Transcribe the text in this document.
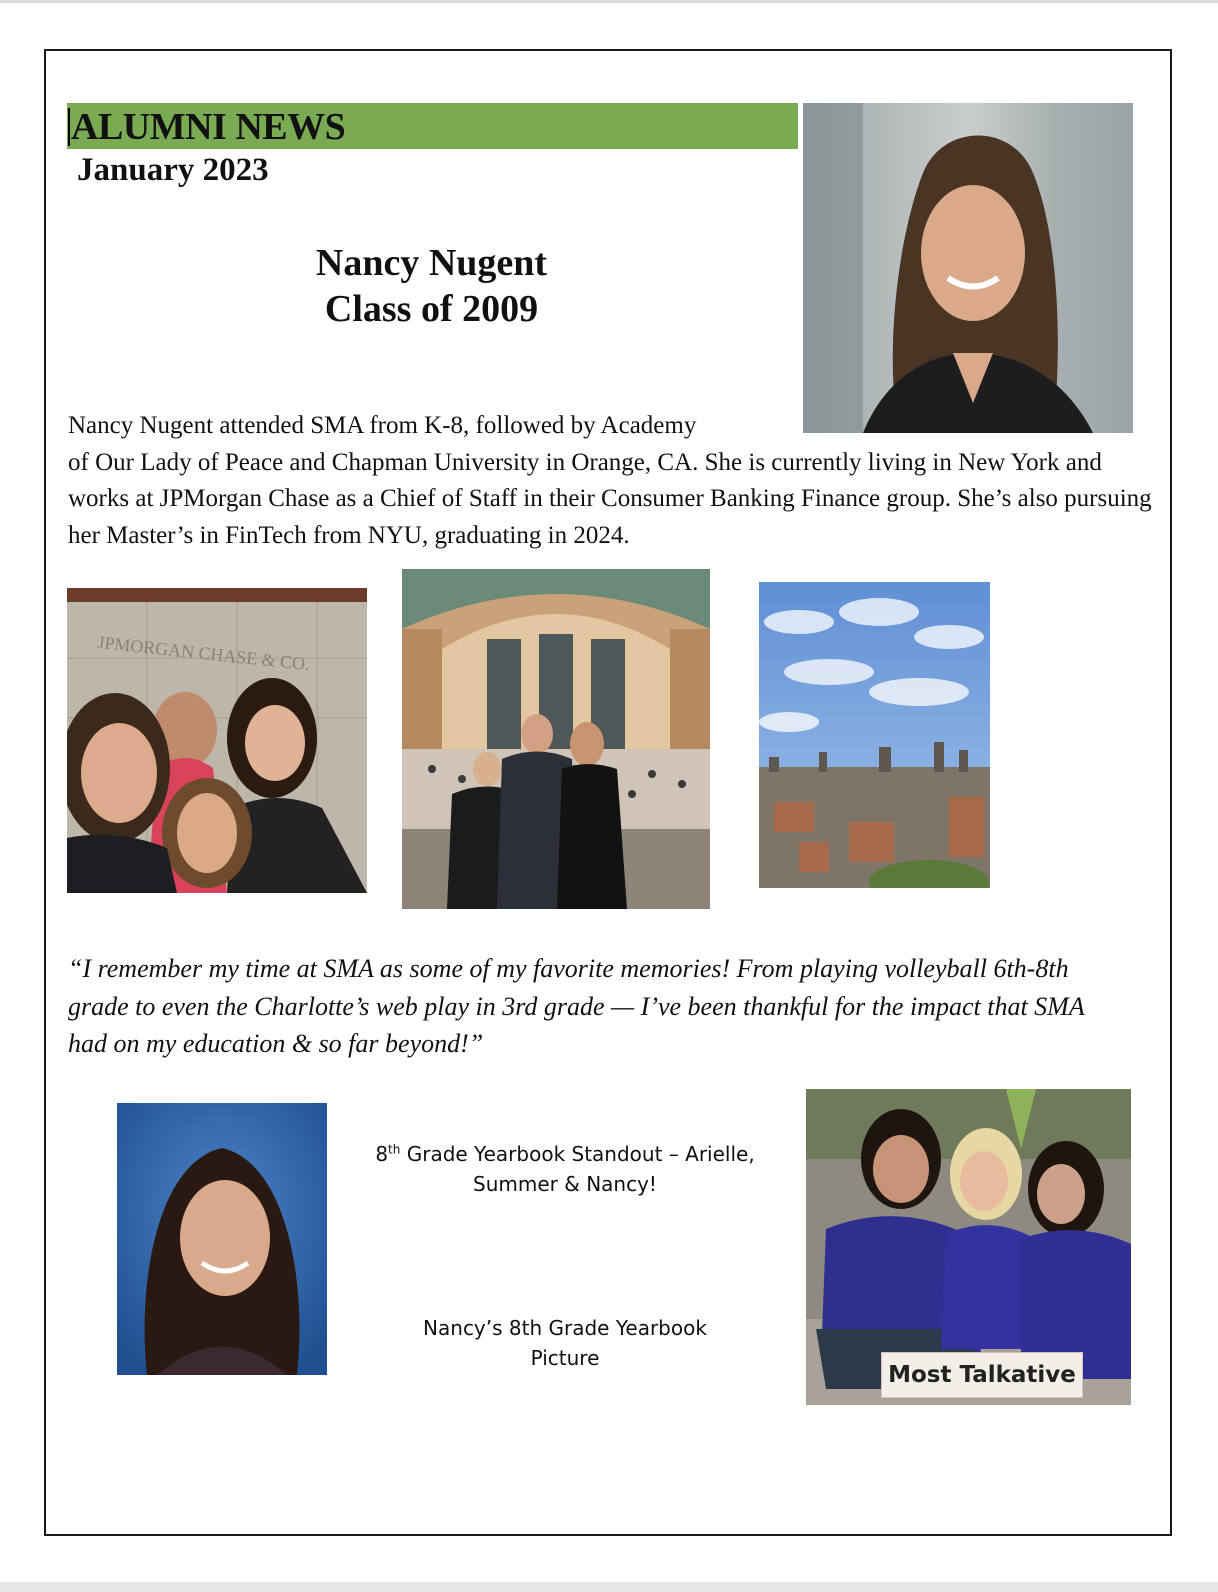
ALUMNI NEWS
January 2023
Nancy Nugent
Class of 2009

Nancy Nugent attended SMA from K-8, followed by Academy

of Our Lady of Peace and Chapman University in Orange, CA. She is currently living in New York and works at JPMorgan Chase as a Chief of Staff in their Consumer Banking Finance group. She’s also pursuing her Master’s in FinTech from NYU, graduating in 2024.

JPMORGAN CHASE & CO.
“I remember my time at SMA as some of my favorite memories! From playing volleyball 6th-8th grade to even the Charlotte’s web play in 3rd grade — I’ve been thankful for the impact that SMA had on my education & so far beyond!”
8th Grade Yearbook Standout – Arielle,
Summer & Nancy!
Nancy’s 8th Grade Yearbook
Picture
Most Talkative
